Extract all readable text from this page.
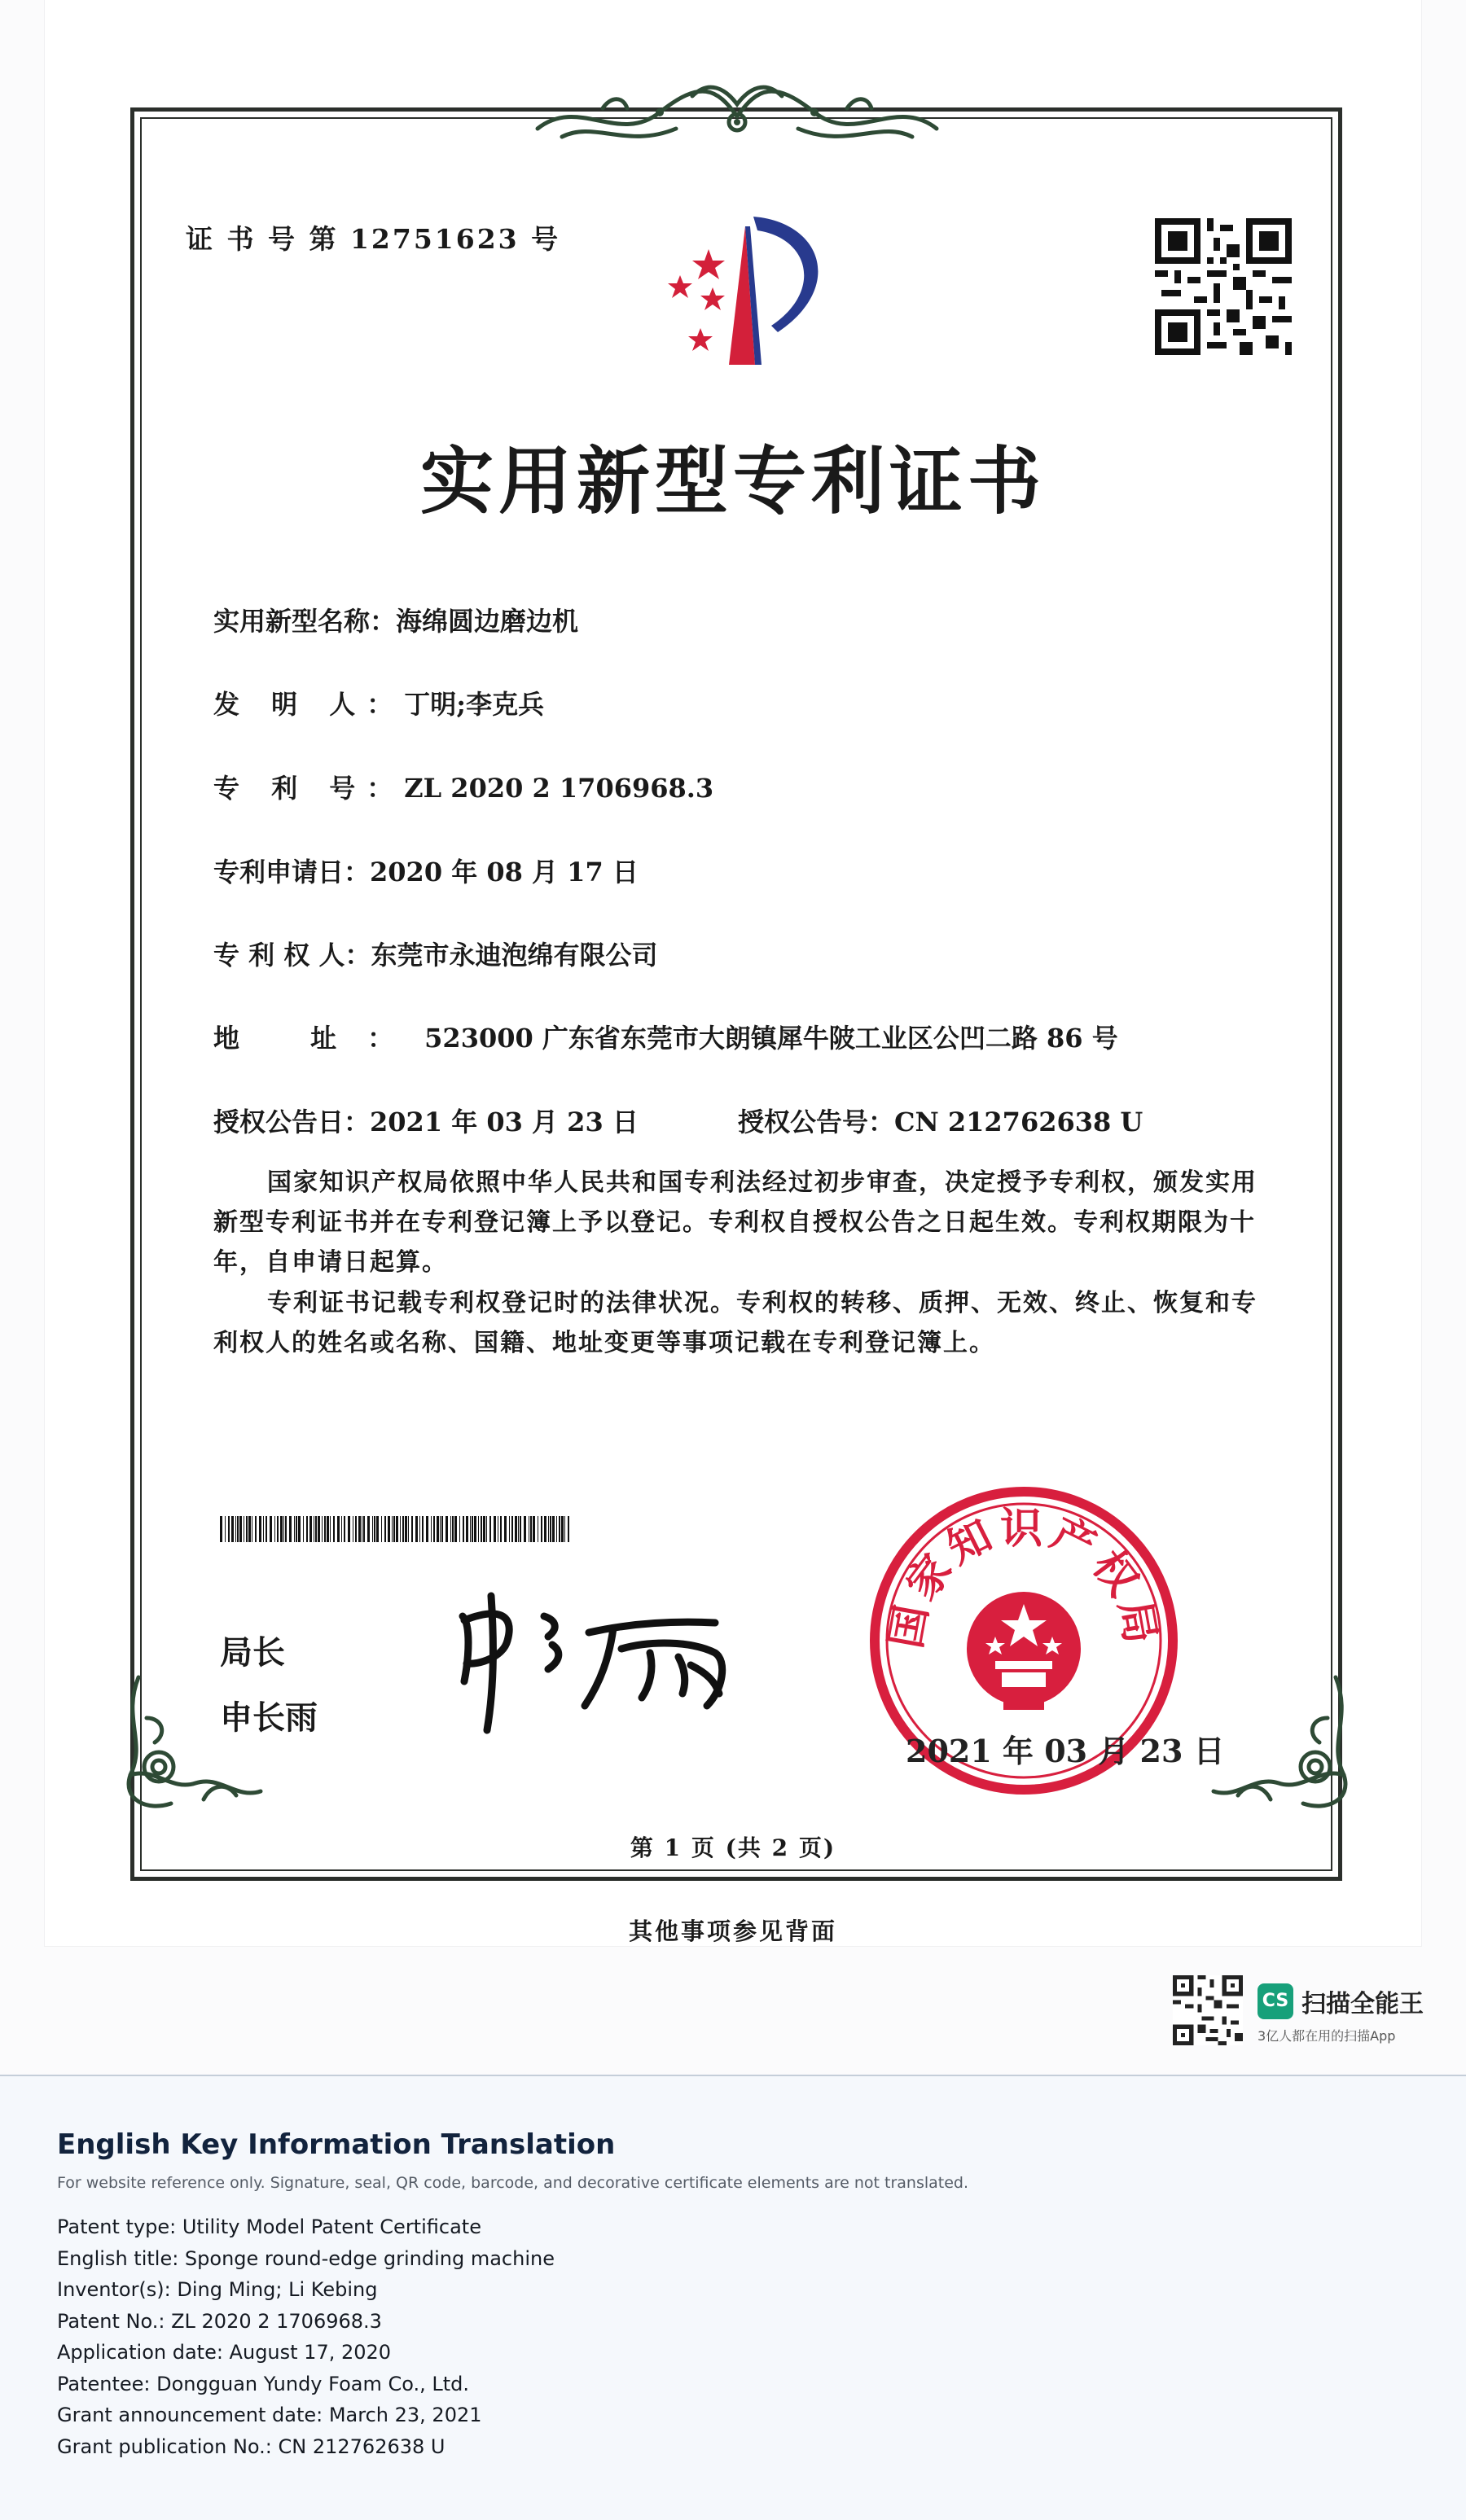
证 书 号 第 12751623 号
实用新型专利证书
实用新型名称：海绵圆边磨边机
发 明 人：丁明;李克兵
专 利 号：ZL 2020 2 1706968.3
专利申请日：2020 年 08 月 17 日
专 利 权 人：东莞市永迪泡绵有限公司
地 址：523000 广东省东莞市大朗镇犀牛陂工业区公凹二路 86 号
授权公告日：2021 年 03 月 23 日	授权公告号：CN 212762638 U
国家知识产权局依照中华人民共和国专利法经过初步审查，决定授予专利权，颁发实用新型专利证书并在专利登记簿上予以登记。专利权自授权公告之日起生效。专利权期限为十年，自申请日起算。
专利证书记载专利权登记时的法律状况。专利权的转移、质押、无效、终止、恢复和专利权人的姓名或名称、国籍、地址变更等事项记载在专利登记簿上。
局长
申长雨
国家知识产权局
2021 年 03 月 23 日
第 1 页 (共 2 页)
其他事项参见背面
CS 扫描全能王
3亿人都在用的扫描App
English Key Information Translation
For website reference only. Signature, seal, QR code, barcode, and decorative certificate elements are not translated.
Patent type: Utility Model Patent Certificate
English title: Sponge round-edge grinding machine
Inventor(s): Ding Ming; Li Kebing
Patent No.: ZL 2020 2 1706968.3
Application date: August 17, 2020
Patentee: Dongguan Yundy Foam Co., Ltd.
Grant announcement date: March 23, 2021
Grant publication No.: CN 212762638 U
